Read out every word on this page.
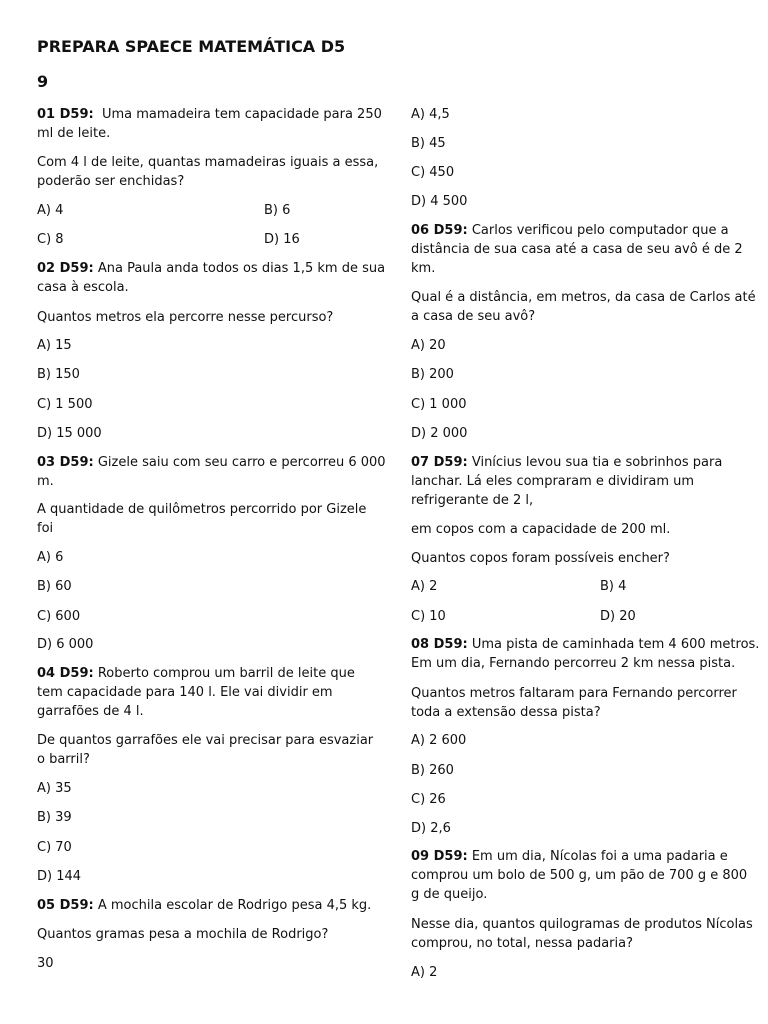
PREPARA SPAECE MATEMÁTICA D5
9
01 D59: Uma mamadeira tem capacidade para 250
ml de leite.
Com 4 l de leite, quantas mamadeiras iguais a essa,
poderão ser enchidas?
A) 4	B) 6
C) 8	D) 16
02 D59: Ana Paula anda todos os dias 1,5 km de sua
casa à escola.
Quantos metros ela percorre nesse percurso?
A) 15
B) 150
C) 1 500
D) 15 000
03 D59: Gizele saiu com seu carro e percorreu 6 000
m.
A quantidade de quilômetros percorrido por Gizele
foi
A) 6
B) 60
C) 600
D) 6 000
04 D59: Roberto comprou um barril de leite que
tem capacidade para 140 l. Ele vai dividir em
garrafões de 4 l.
De quantos garrafões ele vai precisar para esvaziar
o barril?
A) 35
B) 39
C) 70
D) 144
05 D59: A mochila escolar de Rodrigo pesa 4,5 kg.
Quantos gramas pesa a mochila de Rodrigo?
30
A) 4,5
B) 45
C) 450
D) 4 500
06 D59: Carlos verificou pelo computador que a
distância de sua casa até a casa de seu avô é de 2
km.
Qual é a distância, em metros, da casa de Carlos até
a casa de seu avô?
A) 20
B) 200
C) 1 000
D) 2 000
07 D59: Vinícius levou sua tia e sobrinhos para
lanchar. Lá eles compraram e dividiram um
refrigerante de 2 l,
em copos com a capacidade de 200 ml.
Quantos copos foram possíveis encher?
A) 2	B) 4
C) 10	D) 20
08 D59: Uma pista de caminhada tem 4 600 metros.
Em um dia, Fernando percorreu 2 km nessa pista.
Quantos metros faltaram para Fernando percorrer
toda a extensão dessa pista?
A) 2 600
B) 260
C) 26
D) 2,6
09 D59: Em um dia, Nícolas foi a uma padaria e
comprou um bolo de 500 g, um pão de 700 g e 800
g de queijo.
Nesse dia, quantos quilogramas de produtos Nícolas
comprou, no total, nessa padaria?
A) 2
